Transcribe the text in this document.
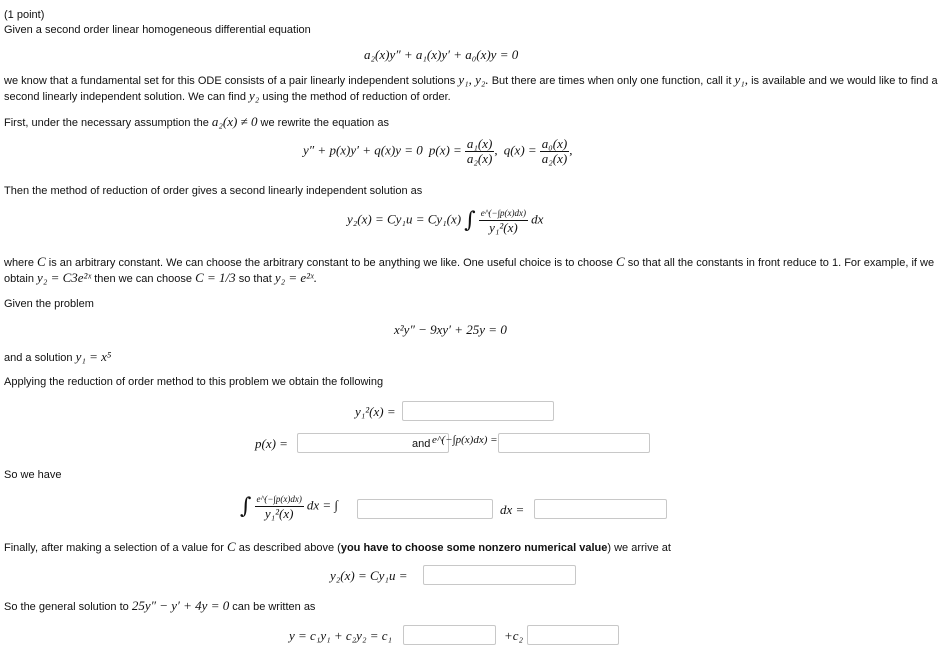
(1 point)
Given a second order linear homogeneous differential equation
a₂(x)y″ + a₁(x)y′ + a₀(x)y = 0
we know that a fundamental set for this ODE consists of a pair linearly independent solutions y₁, y₂. But there are times when only one function, call it y₁, is available and we would like to find a
second linearly independent solution. We can find y₂ using the method of reduction of order.
First, under the necessary assumption the a₂(x) ≠ 0 we rewrite the equation as
y″ + p(x)y′ + q(x)y = 0 $p(x) = \frac{\text{a₁(x)}}{\text{a₂(x)}}$ , $q(x) = \frac{\text{a₀(x)}}{\text{a₂(x)}}$ ,
Then the method of reduction of order gives a second linearly independent solution as
y₂(x) = Cy₁u = Cy₁(x) ∫ $\frac{e\^{}(-\int p(x)dx)}{\text{y₁²(x)}}$ dx
where C is an arbitrary constant. We can choose the arbitrary constant to be anything we like. One useful choice is to choose C so that all the constants in front reduce to 1. For example, if we
obtain y₂ = C3e²ˣ then we can choose C = 1/3 so that y₂ = e²ˣ.
Given the problem
x²y″ − 9xy′ + 25y = 0
and a solution y₁ = x⁵
Applying the reduction of order method to this problem we obtain the following
y₁²(x) =
p(x) =	and e^(−∫p(x)dx) =
So we have
∫ $\frac{e\^{}(-\int p(x)dx)}{\text{y₁²(x)}}$ dx = ∫	dx =
Finally, after making a selection of a value for C as described above (you have to choose some nonzero numerical value) we arrive at
y₂(x) = Cy₁u =
So the general solution to 25y″ − y′ + 4y = 0 can be written as
y = c₁y₁ + c₂y₂ = c₁	+c₂
